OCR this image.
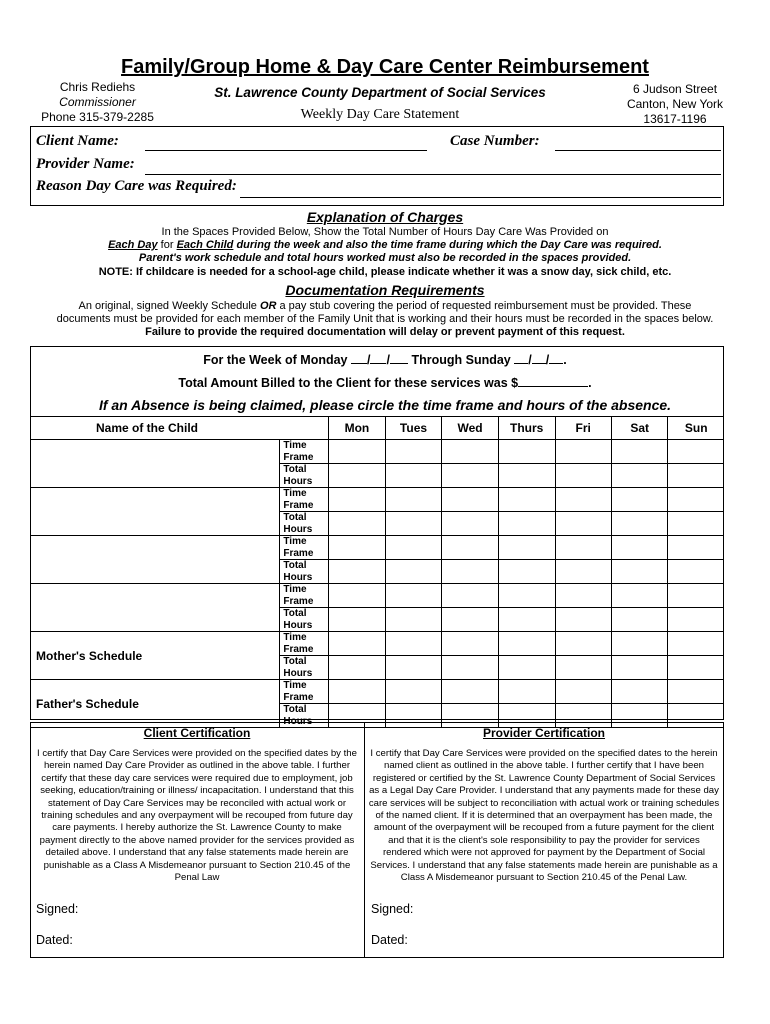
Family/Group Home & Day Care Center Reimbursement
St. Lawrence County Department of Social Services
Weekly Day Care Statement
Chris Rediehs
Commissioner
Phone 315-379-2285
6 Judson Street
Canton, New York
13617-1196
Client Name:	Case Number:
Provider Name:
Reason Day Care was Required:
Explanation of Charges
In the Spaces Provided Below, Show the Total Number of Hours Day Care Was Provided on
Each Day for Each Child during the week and also the time frame during which the Day Care was required.
Parent's work schedule and total hours worked must also be recorded in the spaces provided.
NOTE: If childcare is needed for a school-age child, please indicate whether it was a snow day, sick child, etc.
Documentation Requirements
An original, signed Weekly Schedule OR a pay stub covering the period of requested reimbursement must be provided. These
documents must be provided for each member of the Family Unit that is working and their hours must be recorded in the spaces below.
Failure to provide the required documentation will delay or prevent payment of this request.
For the Week of Monday / / Through Sunday / / .
Total Amount Billed to the Client for these services was $	.
If an Absence is being claimed, please circle the time frame and hours of the absence.
Name of the Child		Mon	Tues	Wed	Thurs	Fri	Sat	Sun
	Time Frame							
	Total Hours							
	Time Frame							
	Total Hours							
	Time Frame							
	Total Hours							
	Time Frame							
	Total Hours							
Mother's Schedule	Time Frame							
	Total Hours							
Father's Schedule	Time Frame							
	Total Hours							
Client Certification
I certify that Day Care Services were provided on the specified dates by the herein named Day Care Provider as outlined in the above table. I further certify that these day care services were required due to employment, job seeking, education/training or illness/ incapacitation. I understand that this statement of Day Care Services may be reconciled with actual work or training schedules and any overpayment will be recouped from future day care payments. I hereby authorize the St. Lawrence County to make payment directly to the above named provider for the services provided as detailed above. I understand that any false statements made herein are punishable as a Class A Misdemeanor pursuant to Section 210.45 of the Penal Law
Signed:
Dated:
Provider Certification
I certify that Day Care Services were provided on the specified dates to the herein named client as outlined in the above table. I further certify that I have been registered or certified by the St. Lawrence County Department of Social Services as a Legal Day Care Provider. I understand that any payments made for these day care services will be subject to reconciliation with actual work or training schedules of the named client. If it is determined that an overpayment has been made, the amount of the overpayment will be recouped from a future payment for the client and that it is the client's sole responsibility to pay the provider for services rendered which were not approved for payment by the Department of Social Services. I understand that any false statements made herein are punishable as a Class A Misdemeanor pursuant to Section 210.45 of the Penal Law.
Signed:
Dated:
